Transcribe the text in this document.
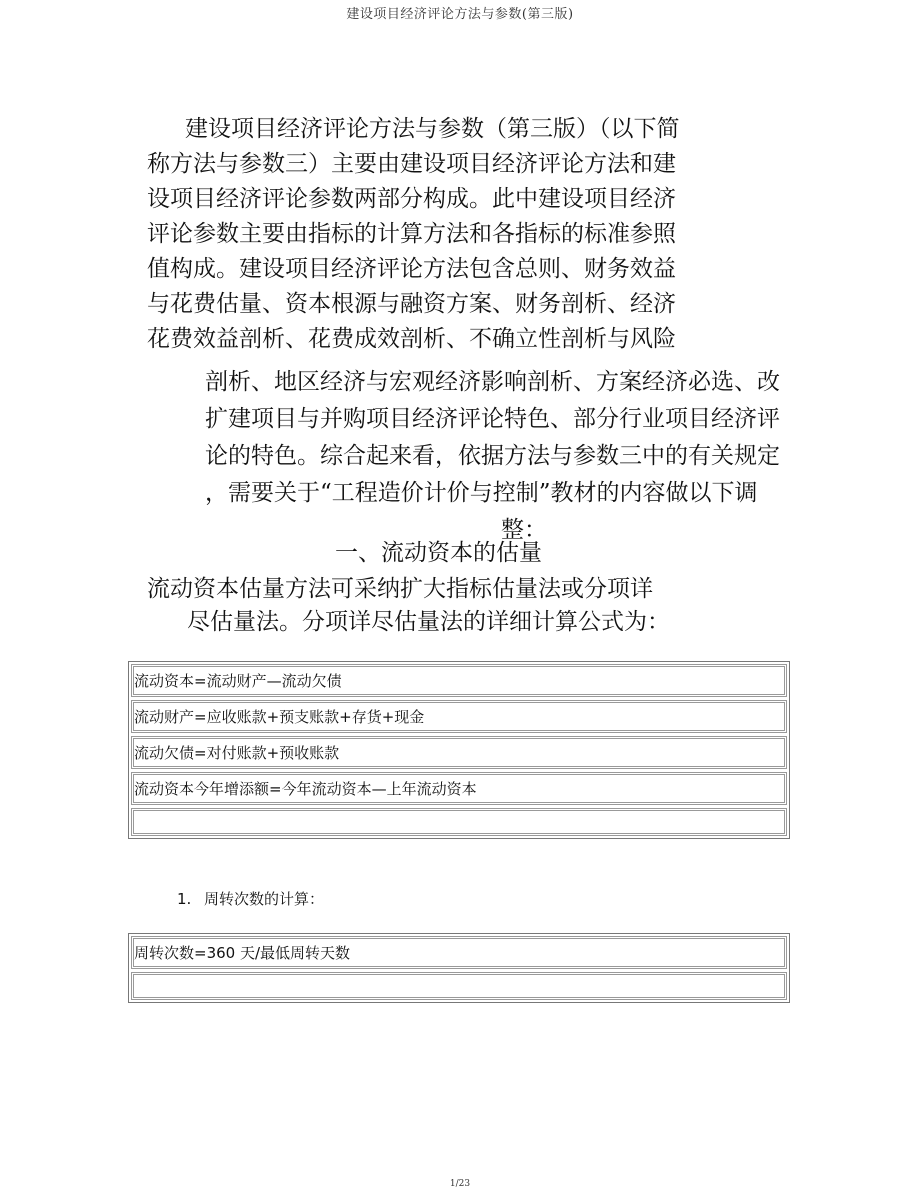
建设项目经济评论方法与参数(第三版)
建设项目经济评论方法与参数（第三版）（以下简
称方法与参数三）主要由建设项目经济评论方法和建
设项目经济评论参数两部分构成。此中建设项目经济
评论参数主要由指标的计算方法和各指标的标准参照
值构成。建设项目经济评论方法包含总则、财务效益
与花费估量、资本根源与融资方案、财务剖析、经济
花费效益剖析、花费成效剖析、不确立性剖析与风险
剖析、地区经济与宏观经济影响剖析、方案经济必选、改
扩建项目与并购项目经济评论特色、部分行业项目经济评
论的特色。综合起来看，依据方法与参数三中的有关规定
，需要关于“工程造价计价与控制”教材的内容做以下调
整：
一、流动资本的估量
流动资本估量方法可采纳扩大指标估量法或分项详
尽估量法。分项详尽估量法的详细计算公式为：
流动资本=流动财产—流动欠债
流动财产=应收账款+预支账款+存货+现金
流动欠债=对付账款+预收账款
流动资本今年增添额=今年流动资本—上年流动资本
1. 周转次数的计算：
周转次数=360 天/最低周转天数
1/23
